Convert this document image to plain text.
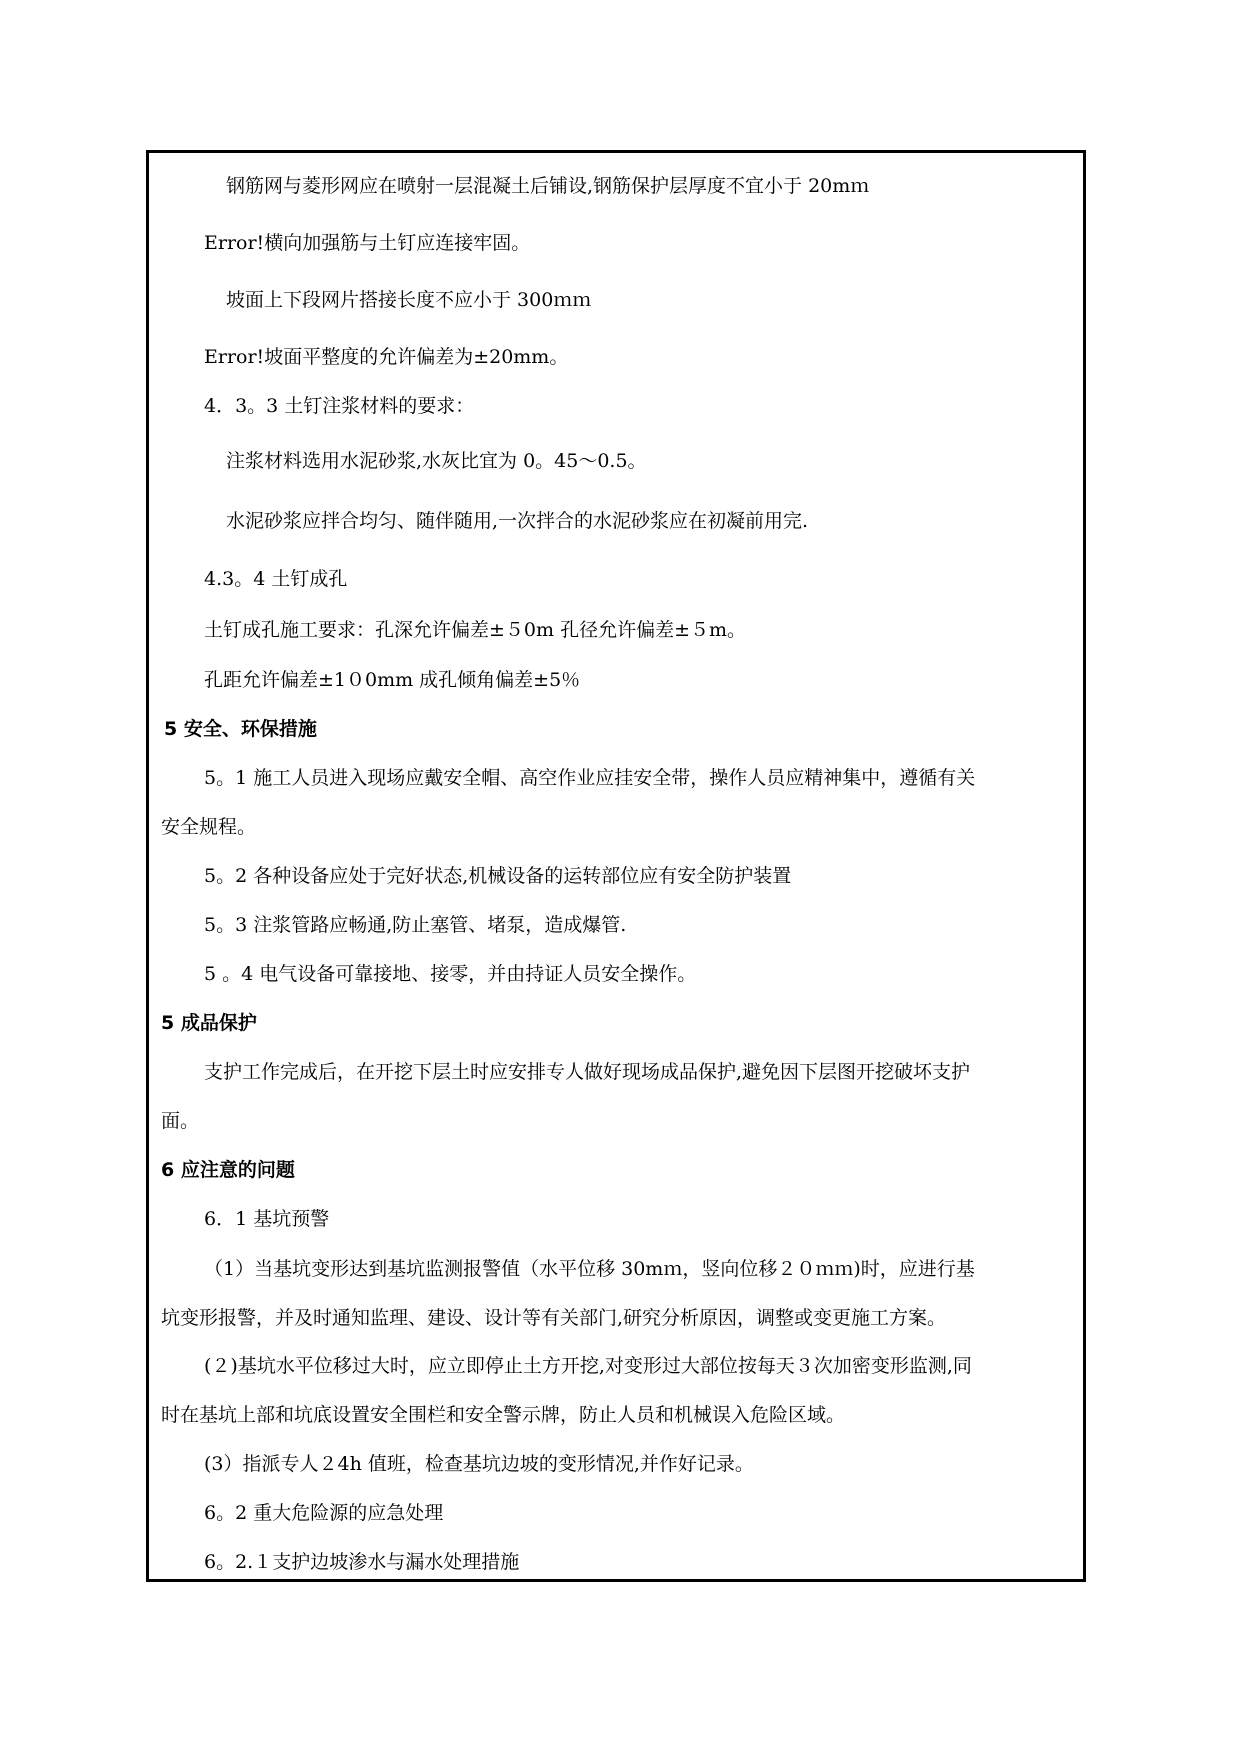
钢筋网与菱形网应在喷射一层混凝土后铺设,钢筋保护层厚度不宜小于 20mｍ
Error!横向加强筋与土钉应连接牢固。
坡面上下段网片搭接长度不应小于 300ｍｍ
Error!坡面平整度的允许偏差为±20mm。
4．3。3 土钉注浆材料的要求：
注浆材料选用水泥砂浆,水灰比宜为 0。45～0.5。
水泥砂浆应拌合均匀、随伴随用,一次拌合的水泥砂浆应在初凝前用完.
4.3。4 土钉成孔
土钉成孔施工要求：孔深允许偏差±５0m 孔径允许偏差±５m。
孔距允许偏差±1０0mm 成孔倾角偏差±5％
5 安全、环保措施
5。1 施工人员进入现场应戴安全帽、高空作业应挂安全带，操作人员应精神集中，遵循有关
安全规程。
5。2 各种设备应处于完好状态,机械设备的运转部位应有安全防护装置
5。3 注浆管路应畅通,防止塞管、堵泵，造成爆管.
5 。4 电气设备可靠接地、接零，并由持证人员安全操作。
5 成品保护
支护工作完成后，在开挖下层土时应安排专人做好现场成品保护,避免因下层图开挖破坏支护
面。
6 应注意的问题
6．1 基坑预警
（1）当基坑变形达到基坑监测报警值（水平位移 30mｍ，竖向位移２０ｍｍ)时，应进行基
坑变形报警，并及时通知监理、建设、设计等有关部门,研究分析原因，调整或变更施工方案。
(２)基坑水平位移过大时，应立即停止土方开挖,对变形过大部位按每天３次加密变形监测,同
时在基坑上部和坑底设置安全围栏和安全警示牌，防止人员和机械误入危险区域。
(3）指派专人２4h 值班，检查基坑边坡的变形情况,并作好记录。
6。2 重大危险源的应急处理
6。2.１支护边坡渗水与漏水处理措施
